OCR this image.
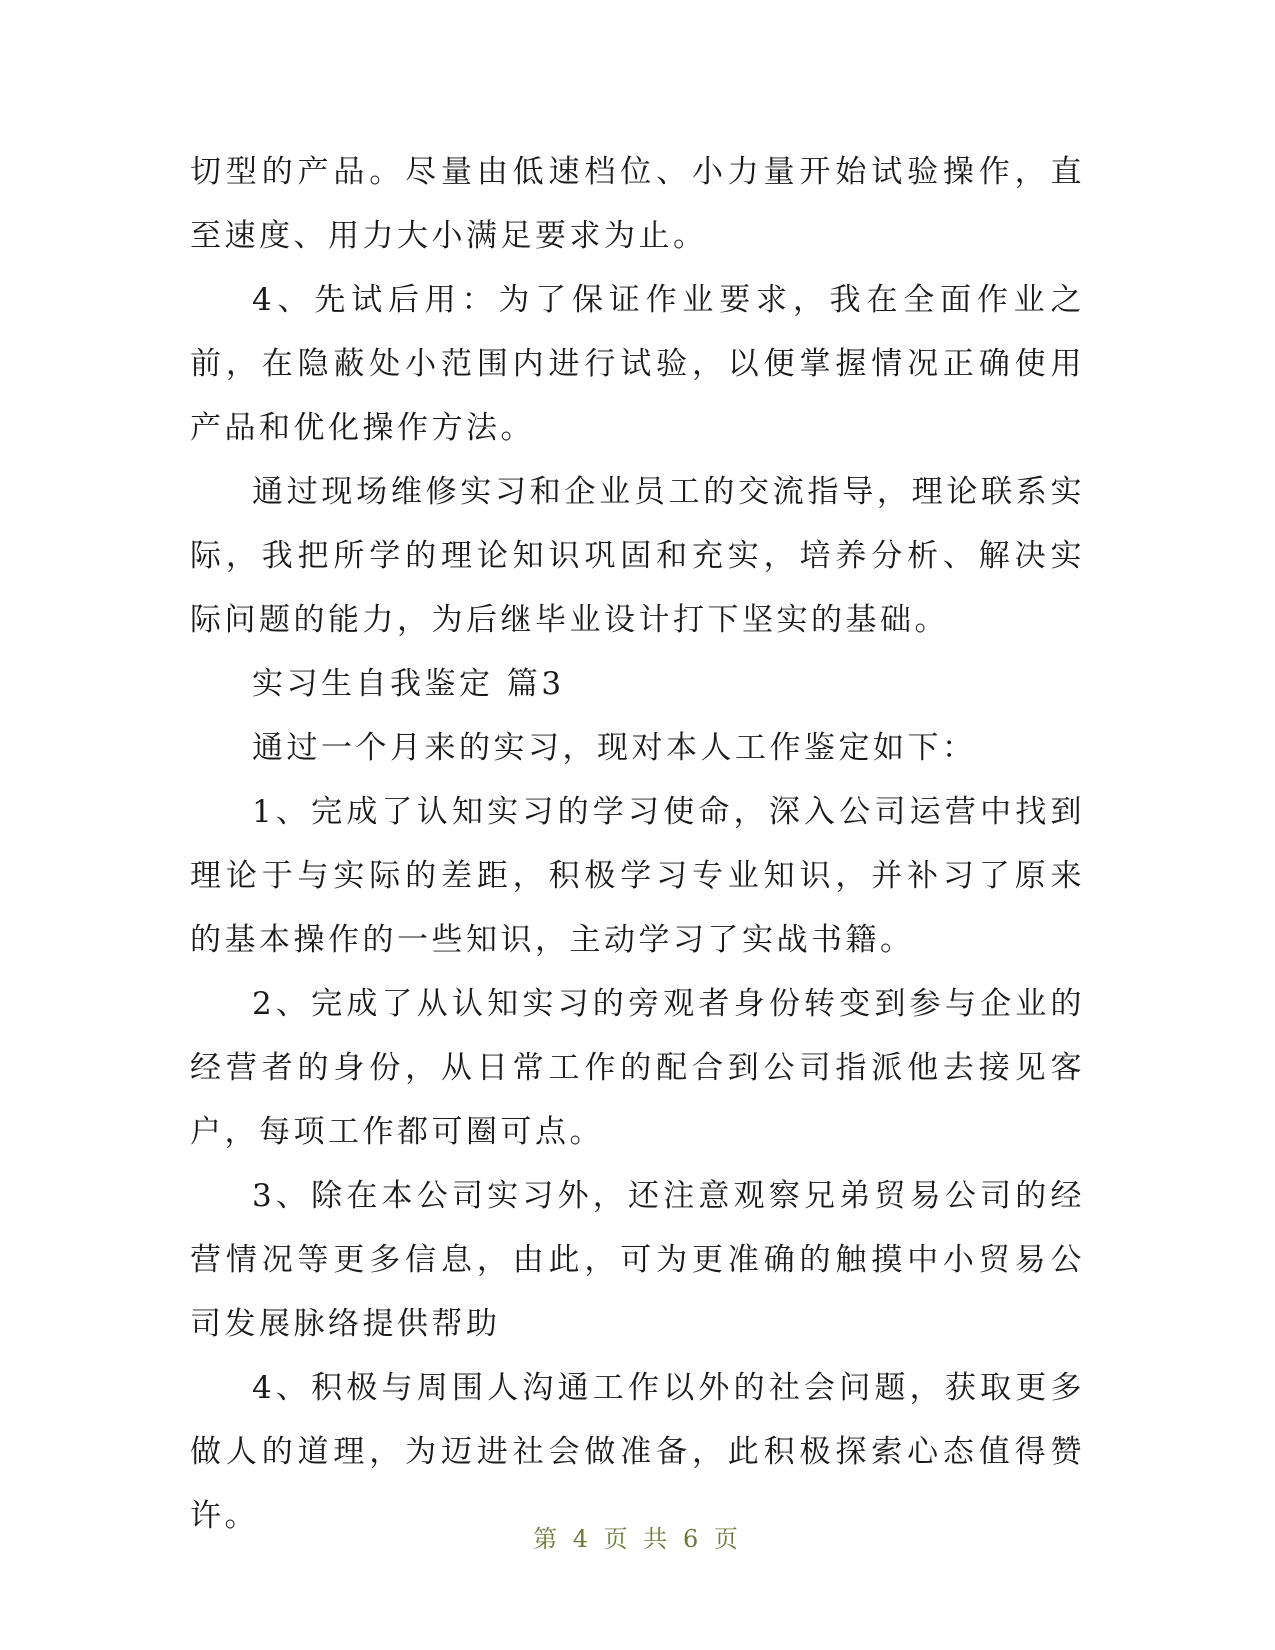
切型的产品。尽量由低速档位、小力量开始试验操作，直至速度、用力大小满足要求为止。

4、先试后用：为了保证作业要求，我在全面作业之前，在隐蔽处小范围内进行试验，以便掌握情况正确使用产品和优化操作方法。

通过现场维修实习和企业员工的交流指导，理论联系实际，我把所学的理论知识巩固和充实，培养分析、解决实际问题的能力，为后继毕业设计打下坚实的基础。

实习生自我鉴定 篇3

通过一个月来的实习，现对本人工作鉴定如下：

1、完成了认知实习的学习使命，深入公司运营中找到理论于与实际的差距，积极学习专业知识，并补习了原来的基本操作的一些知识，主动学习了实战书籍。

2、完成了从认知实习的旁观者身份转变到参与企业的经营者的身份，从日常工作的配合到公司指派他去接见客户，每项工作都可圈可点。

3、除在本公司实习外，还注意观察兄弟贸易公司的经营情况等更多信息，由此，可为更准确的触摸中小贸易公司发展脉络提供帮助

4、积极与周围人沟通工作以外的社会问题，获取更多做人的道理，为迈进社会做准备，此积极探索心态值得赞许。

第 4 页 共 6 页
